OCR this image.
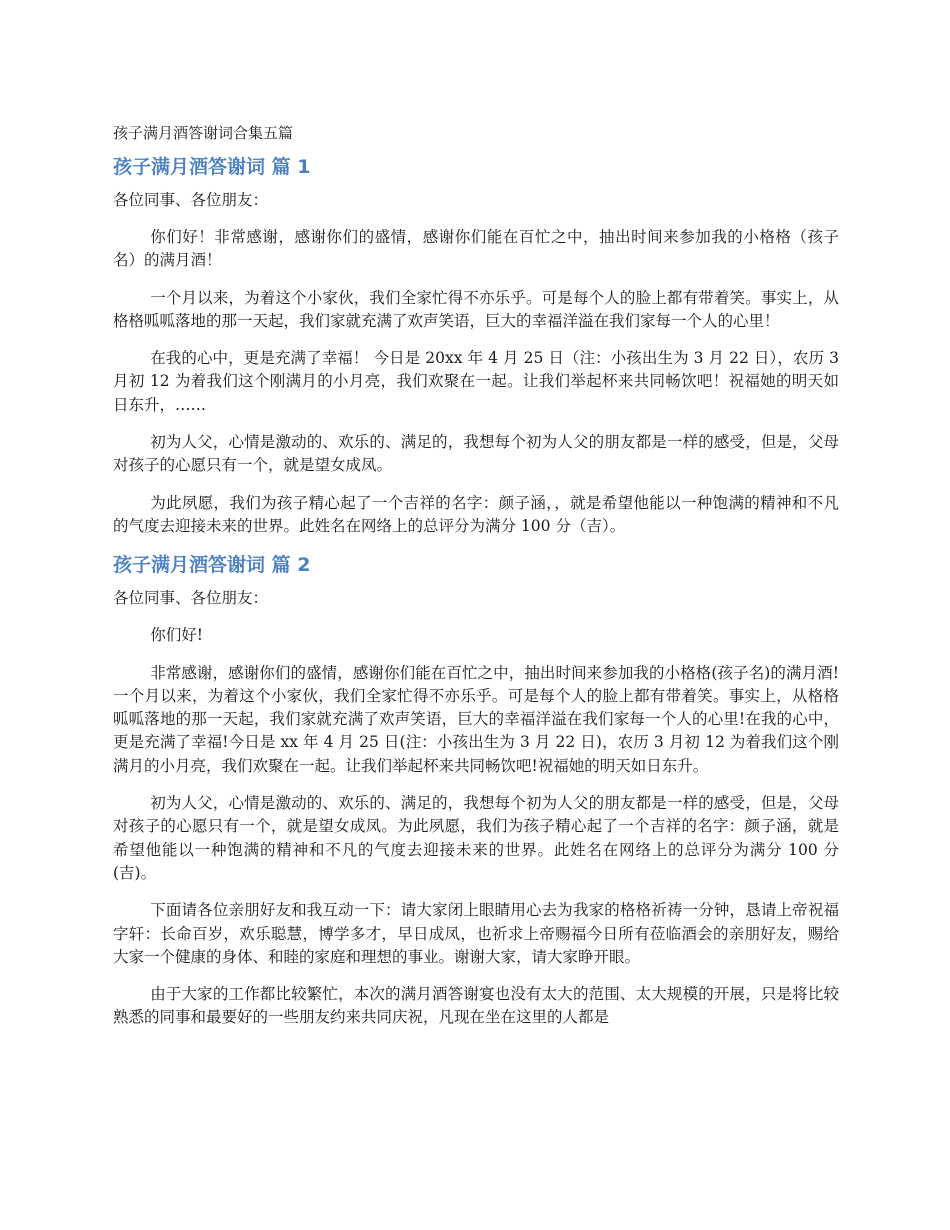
孩子满月酒答谢词合集五篇
孩子满月酒答谢词 篇 1

各位同事、各位朋友：

你们好！非常感谢，感谢你们的盛情，感谢你们能在百忙之中，抽出时间来参加我的小格格（孩子名）的满月酒！

一个月以来，为着这个小家伙，我们全家忙得不亦乐乎。可是每个人的脸上都有带着笑。事实上，从格格呱呱落地的那一天起，我们家就充满了欢声笑语，巨大的幸福洋溢在我们家每一个人的心里！

在我的心中，更是充满了幸福！ 今日是 20xx 年 4 月 25 日（注：小孩出生为 3 月 22 日），农历 3 月初 12 为着我们这个刚满月的小月亮，我们欢聚在一起。让我们举起杯来共同畅饮吧！祝福她的明天如日东升，……

初为人父，心情是激动的、欢乐的、满足的，我想每个初为人父的朋友都是一样的感受，但是，父母对孩子的心愿只有一个，就是望女成凤。

为此夙愿，我们为孩子精心起了一个吉祥的名字：颜子涵，，就是希望他能以一种饱满的精神和不凡的气度去迎接未来的世界。此姓名在网络上的总评分为满分 100 分（吉）。

孩子满月酒答谢词 篇 2

各位同事、各位朋友：

你们好!

非常感谢，感谢你们的盛情，感谢你们能在百忙之中，抽出时间来参加我的小格格(孩子名)的满月酒!一个月以来，为着这个小家伙，我们全家忙得不亦乐乎。可是每个人的脸上都有带着笑。事实上，从格格呱呱落地的那一天起，我们家就充满了欢声笑语，巨大的幸福洋溢在我们家每一个人的心里!在我的心中，更是充满了幸福!今日是 xx 年 4 月 25 日(注：小孩出生为 3 月 22 日)，农历 3 月初 12 为着我们这个刚满月的小月亮，我们欢聚在一起。让我们举起杯来共同畅饮吧!祝福她的明天如日东升。

初为人父，心情是激动的、欢乐的、满足的，我想每个初为人父的朋友都是一样的感受，但是，父母对孩子的心愿只有一个，就是望女成凤。为此夙愿，我们为孩子精心起了一个吉祥的名字：颜子涵，就是希望他能以一种饱满的精神和不凡的气度去迎接未来的世界。此姓名在网络上的总评分为满分 100 分(吉)。

下面请各位亲朋好友和我互动一下：请大家闭上眼睛用心去为我家的格格祈祷一分钟，恳请上帝祝福字轩：长命百岁，欢乐聪慧，博学多才，早日成凤，也祈求上帝赐福今日所有莅临酒会的亲朋好友，赐给大家一个健康的身体、和睦的家庭和理想的事业。谢谢大家，请大家睁开眼。

由于大家的工作都比较繁忙，本次的满月酒答谢宴也没有太大的范围、太大规模的开展，只是将比较熟悉的同事和最要好的一些朋友约来共同庆祝，凡现在坐在这里的人都是
